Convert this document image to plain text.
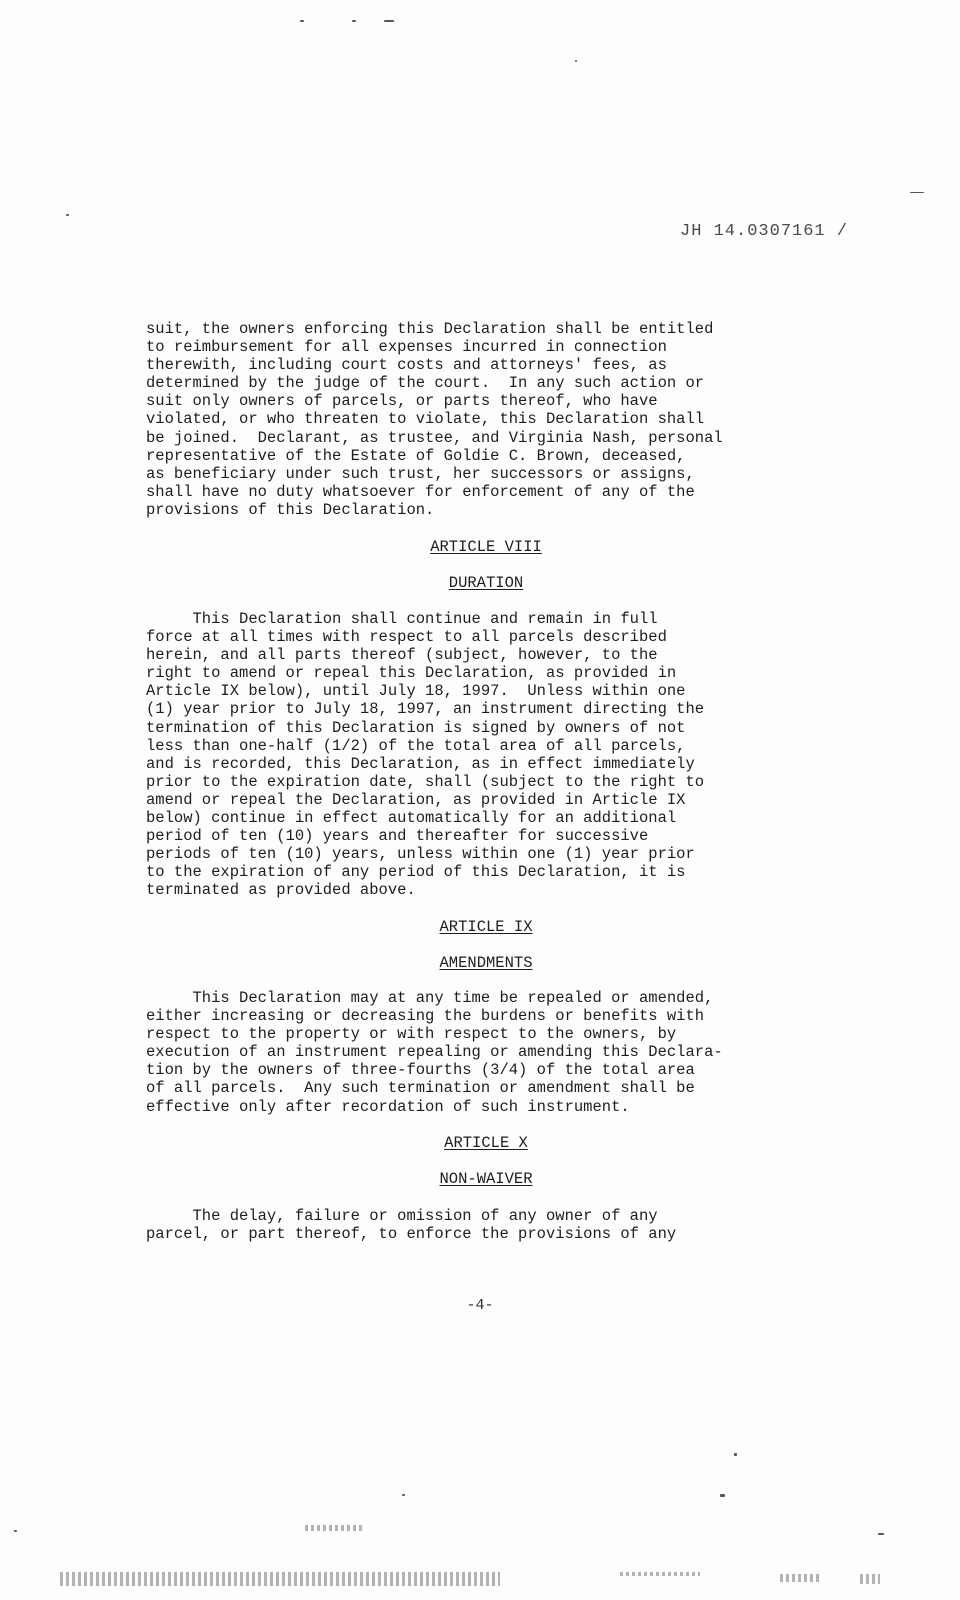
JH 14.0307161 /
suit, the owners enforcing this Declaration shall be entitled
to reimbursement for all expenses incurred in connection
therewith, including court costs and attorneys' fees, as
determined by the judge of the court.  In any such action or
suit only owners of parcels, or parts thereof, who have
violated, or who threaten to violate, this Declaration shall
be joined.  Declarant, as trustee, and Virginia Nash, personal
representative of the Estate of Goldie C. Brown, deceased,
as beneficiary under such trust, her successors or assigns,
shall have no duty whatsoever for enforcement of any of the
provisions of this Declaration.
ARTICLE VIII
DURATION
This Declaration shall continue and remain in full
force at all times with respect to all parcels described
herein, and all parts thereof (subject, however, to the
right to amend or repeal this Declaration, as provided in
Article IX below), until July 18, 1997.  Unless within one
(1) year prior to July 18, 1997, an instrument directing the
termination of this Declaration is signed by owners of not
less than one-half (1/2) of the total area of all parcels,
and is recorded, this Declaration, as in effect immediately
prior to the expiration date, shall (subject to the right to
amend or repeal the Declaration, as provided in Article IX
below) continue in effect automatically for an additional
period of ten (10) years and thereafter for successive
periods of ten (10) years, unless within one (1) year prior
to the expiration of any period of this Declaration, it is
terminated as provided above.
ARTICLE IX
AMENDMENTS
This Declaration may at any time be repealed or amended,
either increasing or decreasing the burdens or benefits with
respect to the property or with respect to the owners, by
execution of an instrument repealing or amending this Declara-
tion by the owners of three-fourths (3/4) of the total area
of all parcels.  Any such termination or amendment shall be
effective only after recordation of such instrument.
ARTICLE X
NON-WAIVER
The delay, failure or omission of any owner of any
parcel, or part thereof, to enforce the provisions of any
-4-
